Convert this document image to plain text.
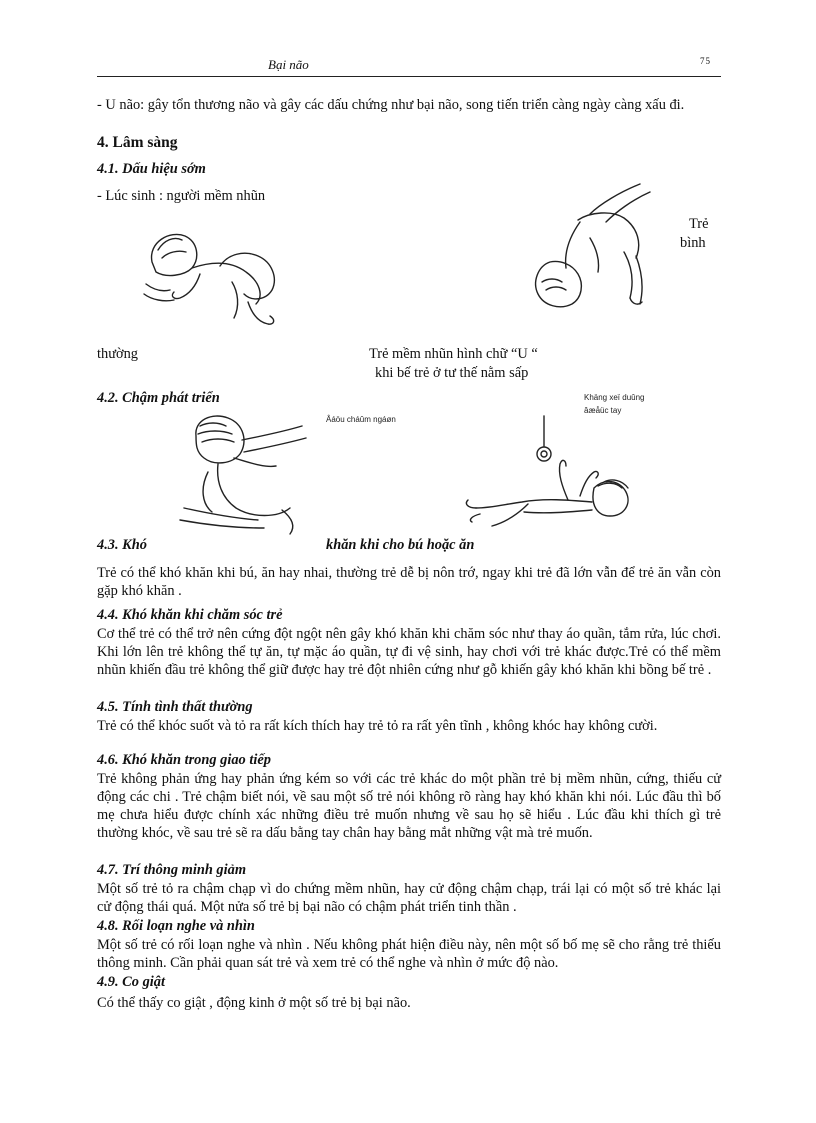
Bại não	75
- U não: gây tổn thương não và gây các dấu chứng như bại não, song tiến triển càng ngày càng xấu đi.
4. Lâm sàng
4.1. Dấu hiệu sớm
- Lúc sinh : người mềm nhũn
Trẻ
bình
thường	Trẻ mềm nhũn hình chữ “U “
khi bế trẻ ở tư thế nằm sấp
4.2. Chậm phát triển
Âáöu cháûm ngáøn
Khäng xeï duûng
âæåüc tay
4.3. Khó	khăn khi cho bú hoặc ăn
Trẻ có thể khó khăn khi bú, ăn hay nhai, thường trẻ dễ bị nôn trớ, ngay khi trẻ đã lớn vẫn để trẻ ăn vẫn còn gặp khó khăn .
4.4. Khó khăn khi chăm sóc trẻ
Cơ thể trẻ có thể trở nên cứng đột ngột nên gây khó khăn khi chăm sóc như thay áo quần, tắm rửa, lúc chơi. Khi lớn lên trẻ không thể tự ăn, tự mặc áo quần, tự đi vệ sinh, hay chơi với trẻ khác được.Trẻ có thể mềm nhũn khiến đầu trẻ không thể giữ được hay trẻ đột nhiên cứng như gỗ khiến gây khó khăn khi bồng bế trẻ .
4.5. Tính tình thất thường
Trẻ có thể khóc suốt và tỏ ra rất kích thích hay trẻ tỏ ra rất yên tĩnh , không khóc hay không cười.
4.6. Khó khăn trong giao tiếp
Trẻ không phản ứng hay phản ứng kém so với các trẻ khác do một phần trẻ bị mềm nhũn, cứng, thiếu cử động các chi . Trẻ chậm biết nói, về sau một số trẻ nói không rõ ràng hay khó khăn khi nói. Lúc đầu thì bố mẹ chưa hiểu được chính xác những điều trẻ muốn nhưng về sau họ sẽ hiểu . Lúc đầu khi thích gì trẻ thường khóc, về sau trẻ sẽ ra dấu bằng tay chân hay bằng mắt những vật mà trẻ muốn.
4.7. Trí thông minh giảm
Một số trẻ tỏ ra chậm chạp vì do chứng mềm nhũn, hay cử động chậm chạp, trái lại có một số trẻ khác lại cử động thái quá. Một nửa số trẻ bị bại não có chậm phát triển tinh thần .
4.8. Rối loạn nghe và nhìn
Một số trẻ có rối loạn nghe và nhìn . Nếu không phát hiện điều này, nên một số bố mẹ sẽ cho rằng trẻ thiếu thông minh. Cần phải quan sát trẻ và xem trẻ có thể nghe và nhìn ở mức độ nào.
4.9. Co giật
Có thể thấy co giật , động kinh ở một số trẻ bị bại não.
